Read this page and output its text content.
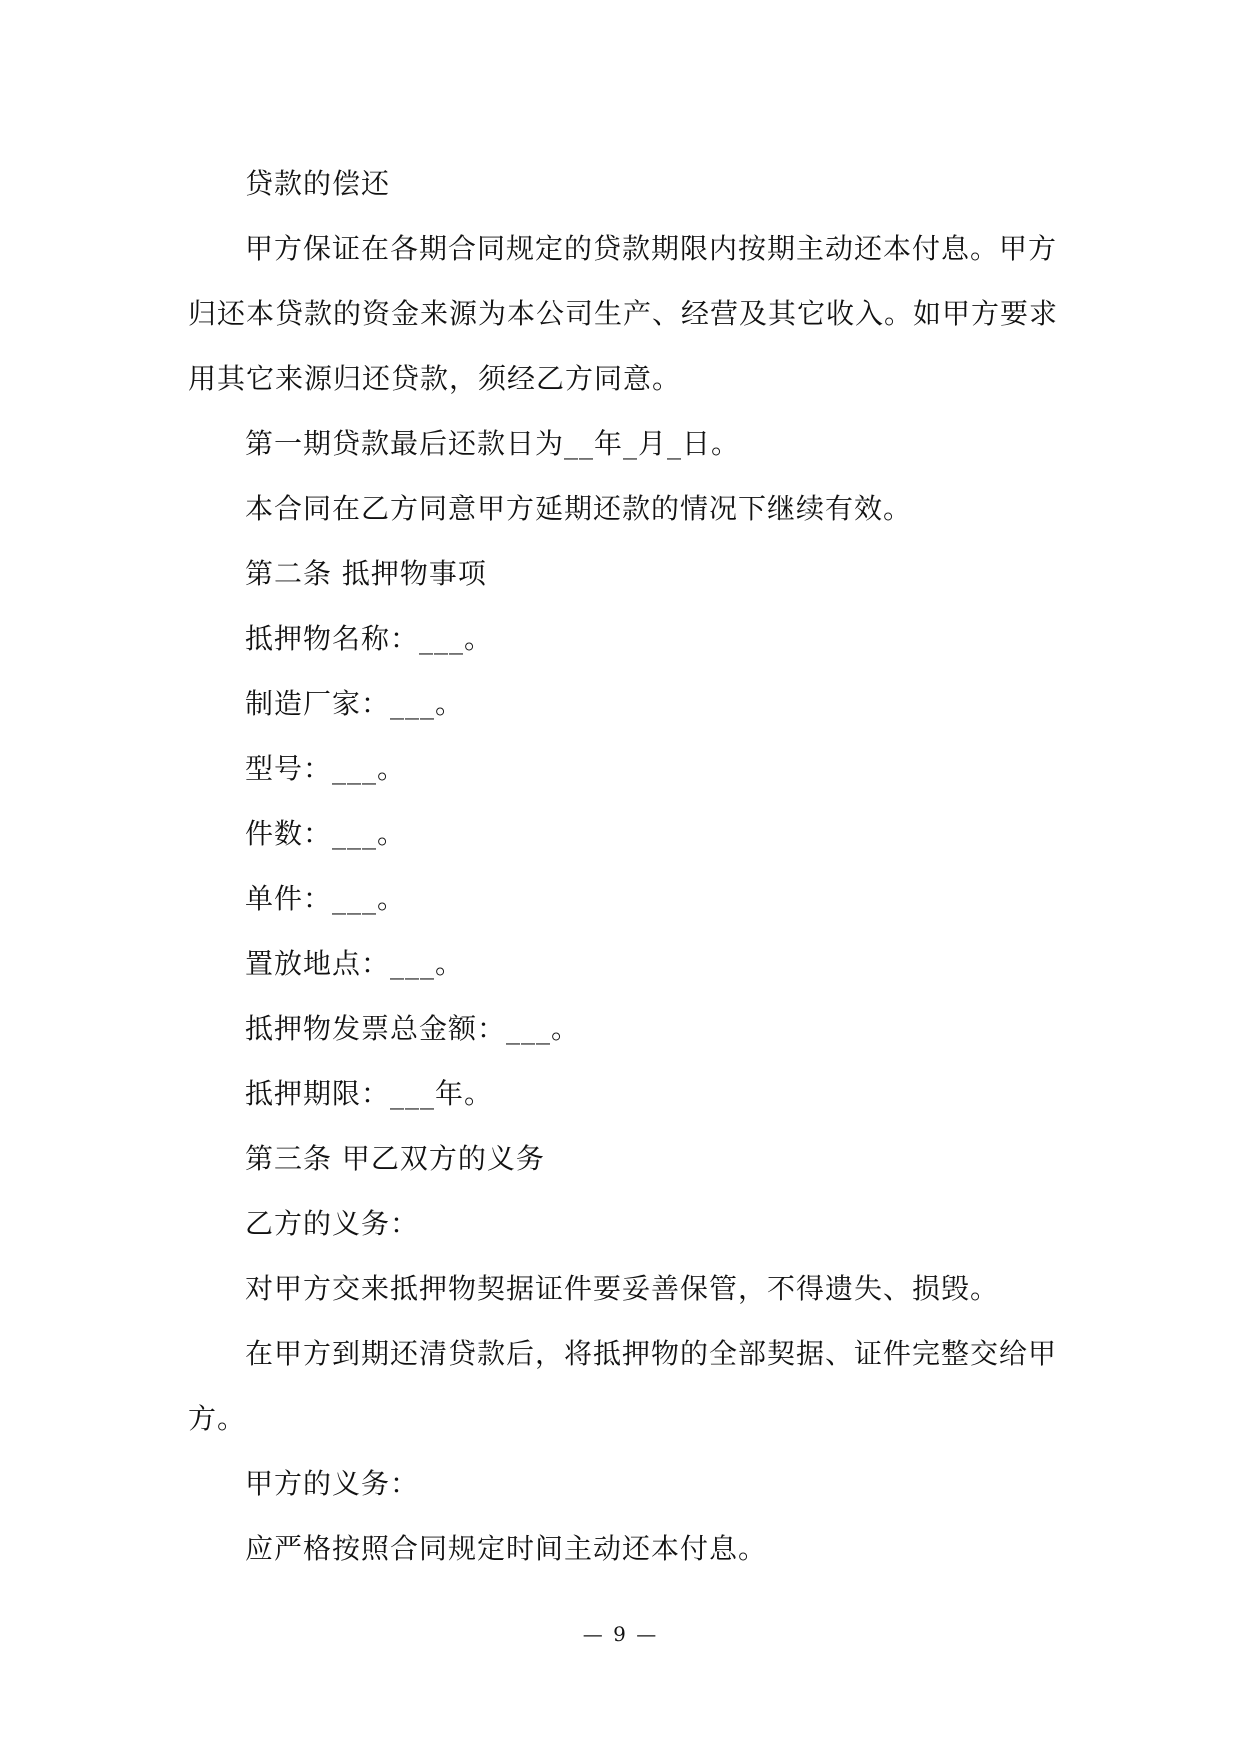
贷款的偿还

甲方保证在各期合同规定的贷款期限内按期主动还本付息。甲方归还本贷款的资金来源为本公司生产、经营及其它收入。如甲方要求用其它来源归还贷款，须经乙方同意。

第一期贷款最后还款日为__年_月_日。

本合同在乙方同意甲方延期还款的情况下继续有效。

第二条 抵押物事项

抵押物名称：___。

制造厂家：___。

型号：___。

件数：___。

单件：___。

置放地点：___。

抵押物发票总金额：___。

抵押期限：___年。

第三条 甲乙双方的义务

乙方的义务：

对甲方交来抵押物契据证件要妥善保管，不得遗失、损毁。

在甲方到期还清贷款后，将抵押物的全部契据、证件完整交给甲方。

甲方的义务：

应严格按照合同规定时间主动还本付息。

— 9 —
